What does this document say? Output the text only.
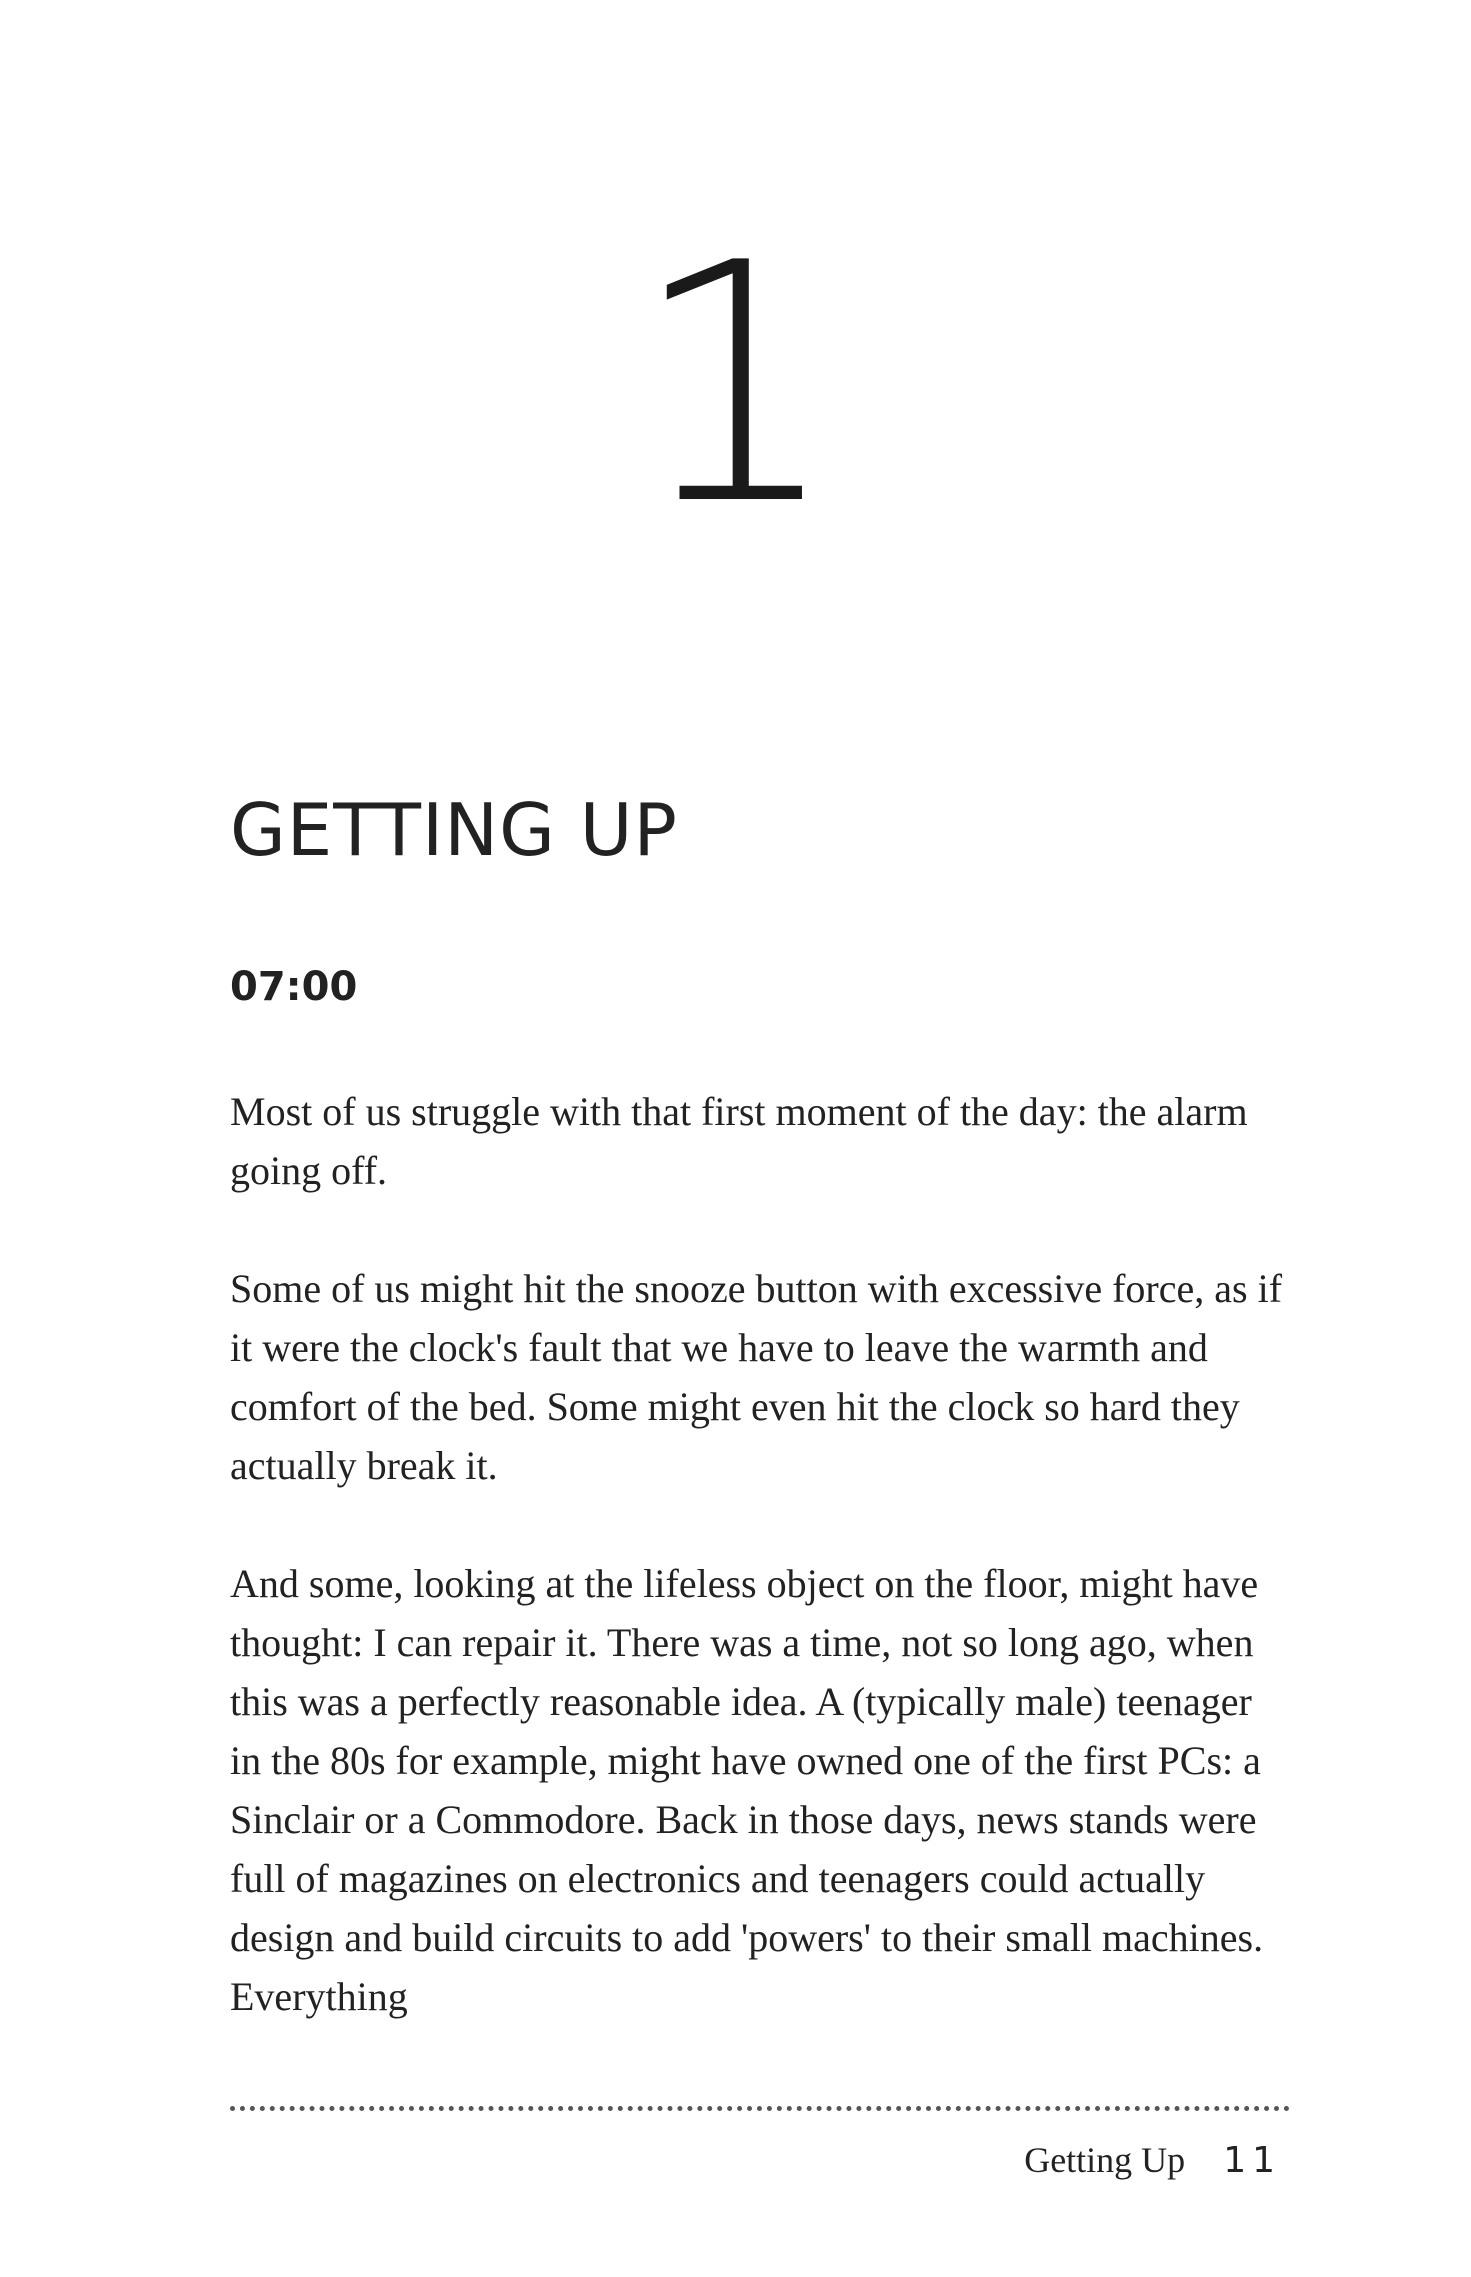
1
GETTING UP
07:00

Most of us struggle with that first moment of the day: the alarm going off.

Some of us might hit the snooze button with excessive force, as if it were the clock's fault that we have to leave the warmth and comfort of the bed. Some might even hit the clock so hard they actually break it.

And some, looking at the lifeless object on the floor, might have thought: I can repair it. There was a time, not so long ago, when this was a perfectly reasonable idea. A (typically male) teenager in the 80s for example, might have owned one of the first PCs: a Sinclair or a Commodore. Back in those days, news stands were full of magazines on electronics and teenagers could actually design and build circuits to add 'powers' to their small machines. Everything

Getting Up 11
